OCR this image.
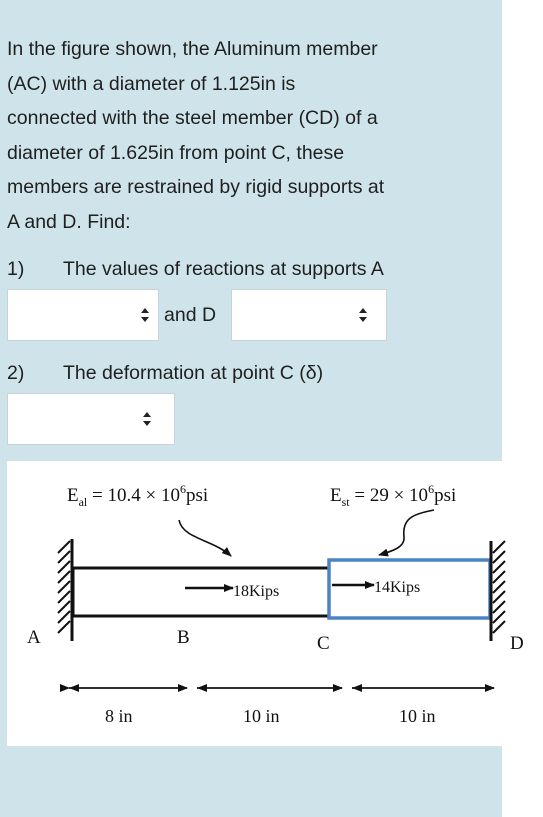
In the figure shown, the Aluminum member
(AC) with a diameter of 1.125in is
connected with the steel member (CD) of a
diameter of 1.625in from point C, these
members are restrained by rigid supports at
A and D. Find:
1) The values of reactions at supports A
and D
2) The deformation at point C (δ)
$E_{al} = 10.4 \times 10^6psi$	$E_{st} = 29 \times 10^6psi$
18Kips	14Kips
A	B	C	D
8 in	10 in	10 in
